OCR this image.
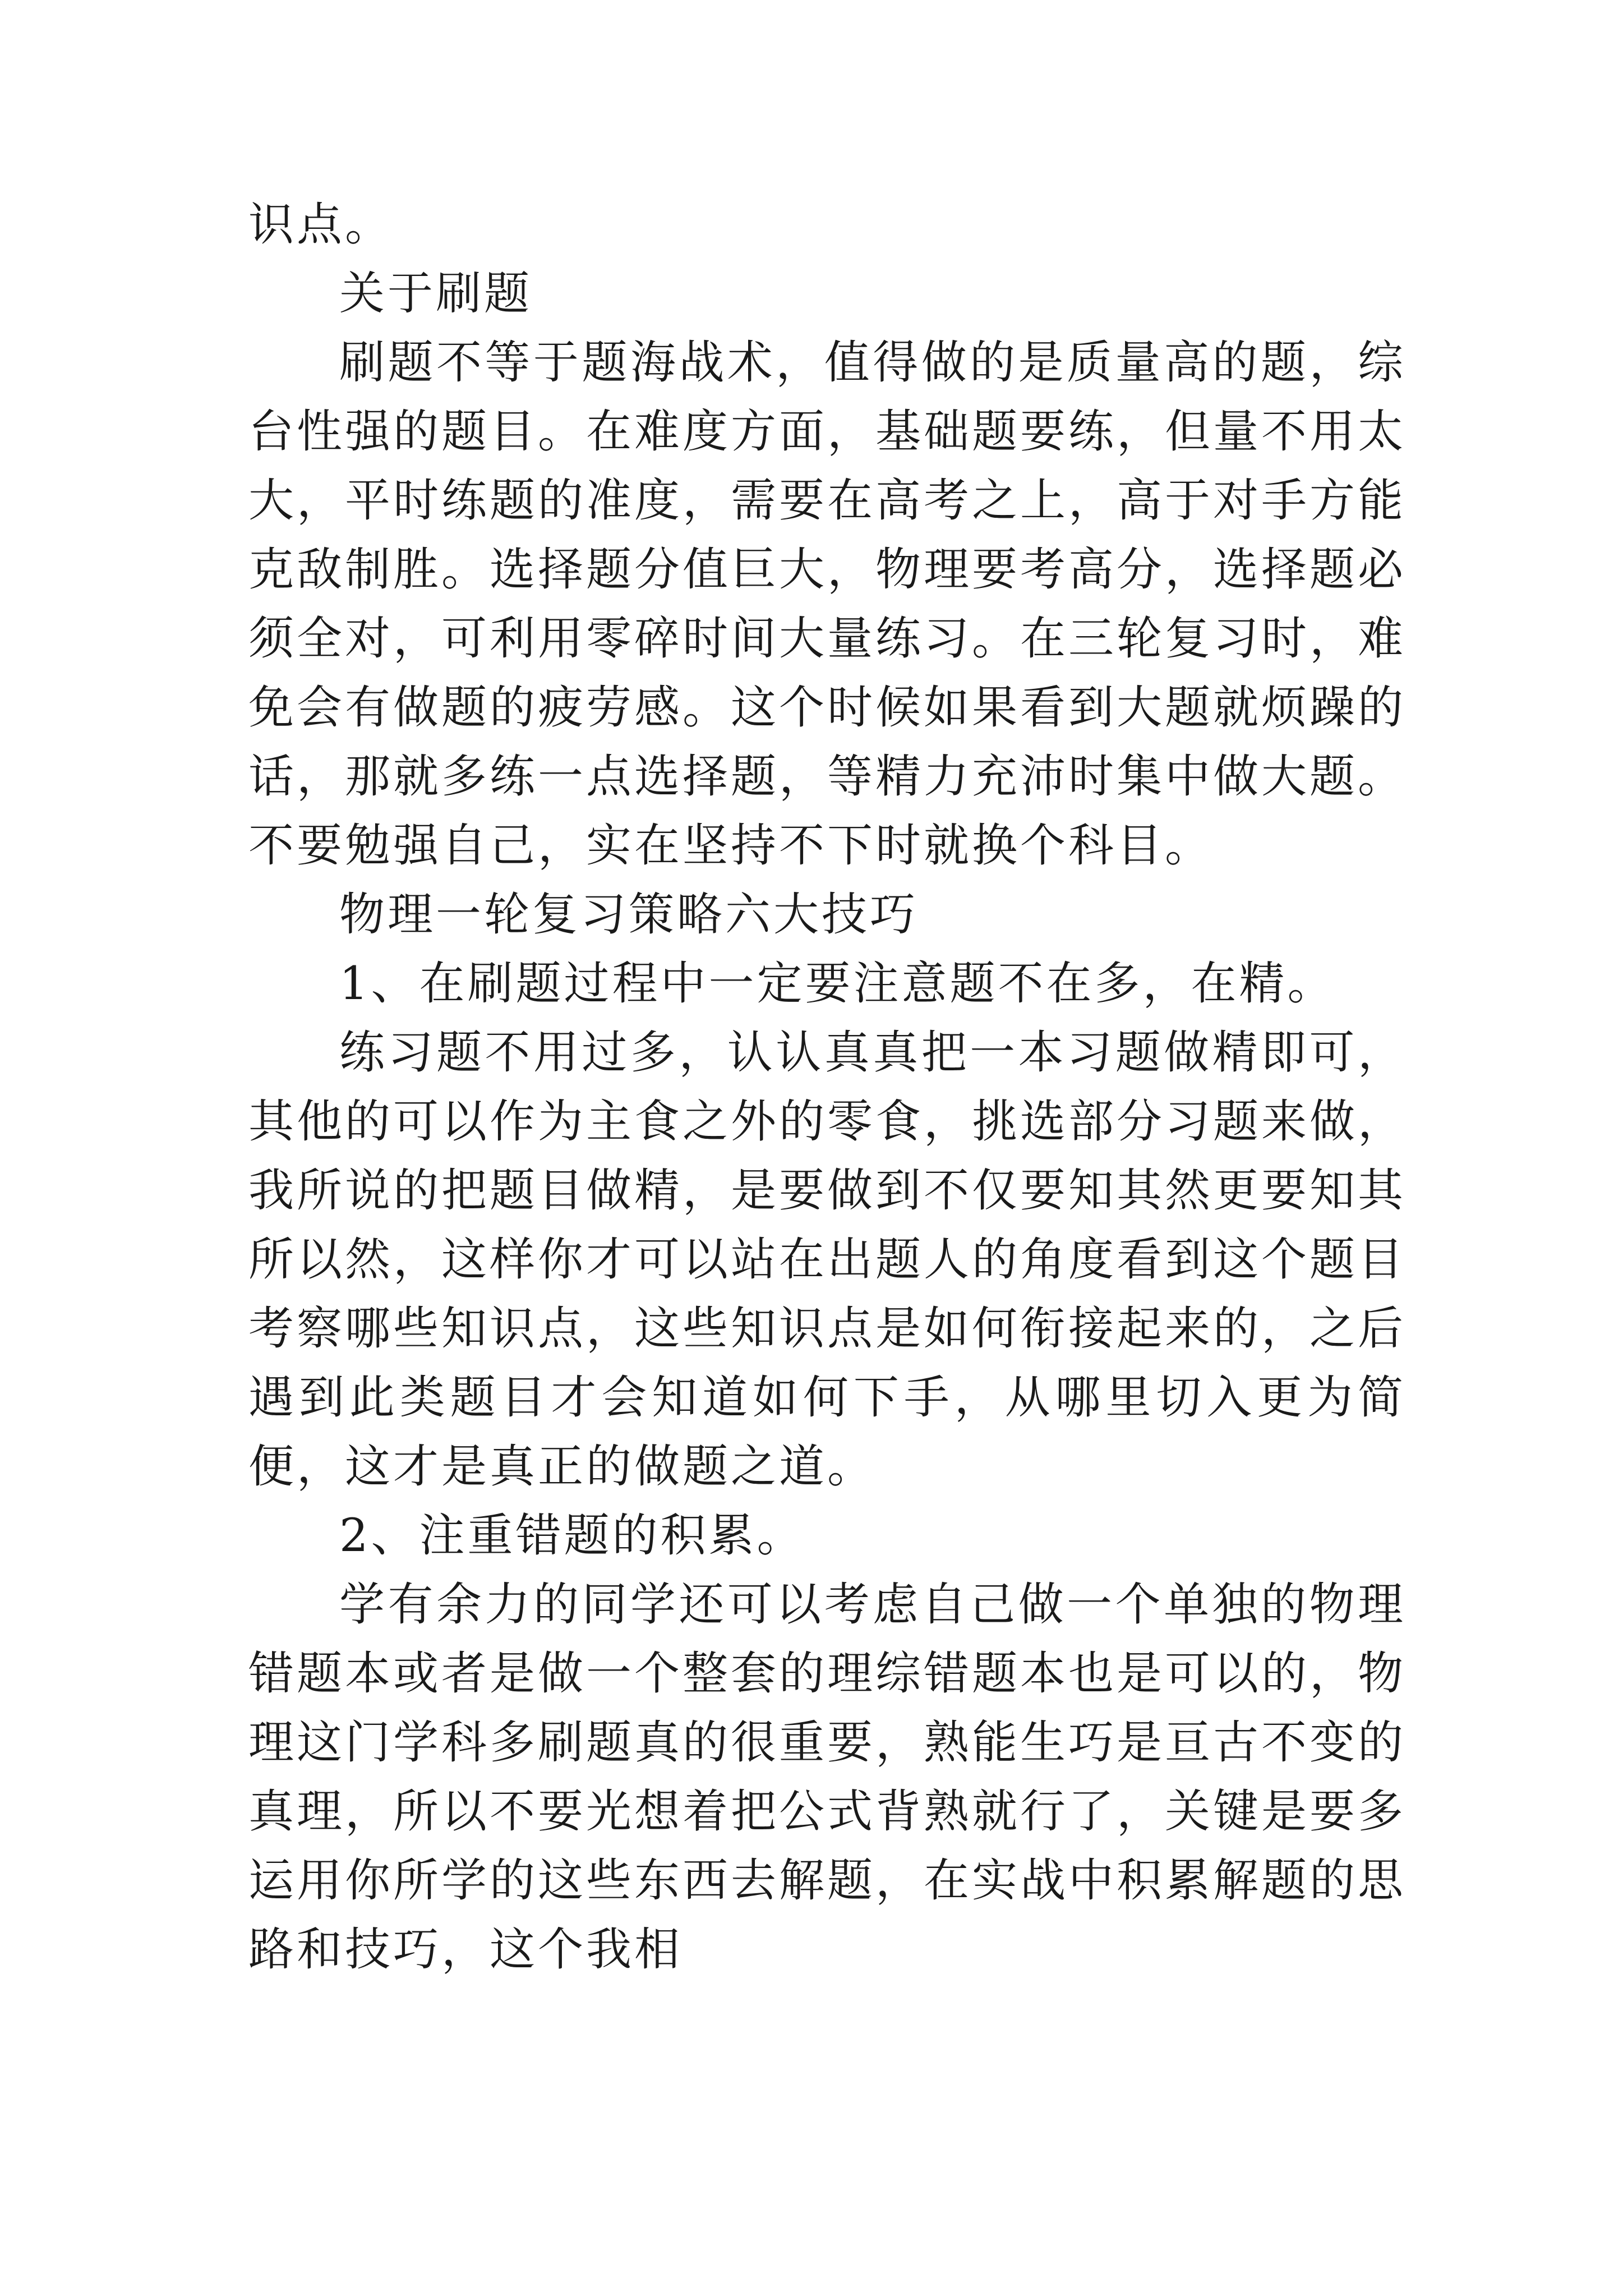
识点。

关于刷题

刷题不等于题海战术，值得做的是质量高的题，综台性强的题目。在难度方面，基础题要练，但量不用太大，平时练题的准度，需要在高考之上，高于对手方能克敌制胜。选择题分值巨大，物理要考高分，选择题必须全对，可利用零碎时间大量练习。在三轮复习时，难免会有做题的疲劳感。这个时候如果看到大题就烦躁的话，那就多练一点选择题，等精力充沛时集中做大题。不要勉强自己，实在坚持不下时就换个科目。

物理一轮复习策略六大技巧

1、在刷题过程中一定要注意题不在多，在精。

练习题不用过多，认认真真把一本习题做精即可，其他的可以作为主食之外的零食，挑选部分习题来做，我所说的把题目做精，是要做到不仅要知其然更要知其所以然，这样你才可以站在出题人的角度看到这个题目考察哪些知识点，这些知识点是如何衔接起来的，之后遇到此类题目才会知道如何下手，从哪里切入更为简便，这才是真正的做题之道。

2、注重错题的积累。

学有余力的同学还可以考虑自己做一个单独的物理错题本或者是做一个整套的理综错题本也是可以的，物理这门学科多刷题真的很重要，熟能生巧是亘古不变的真理，所以不要光想着把公式背熟就行了，关键是要多运用你所学的这些东西去解题，在实战中积累解题的思路和技巧，这个我相
